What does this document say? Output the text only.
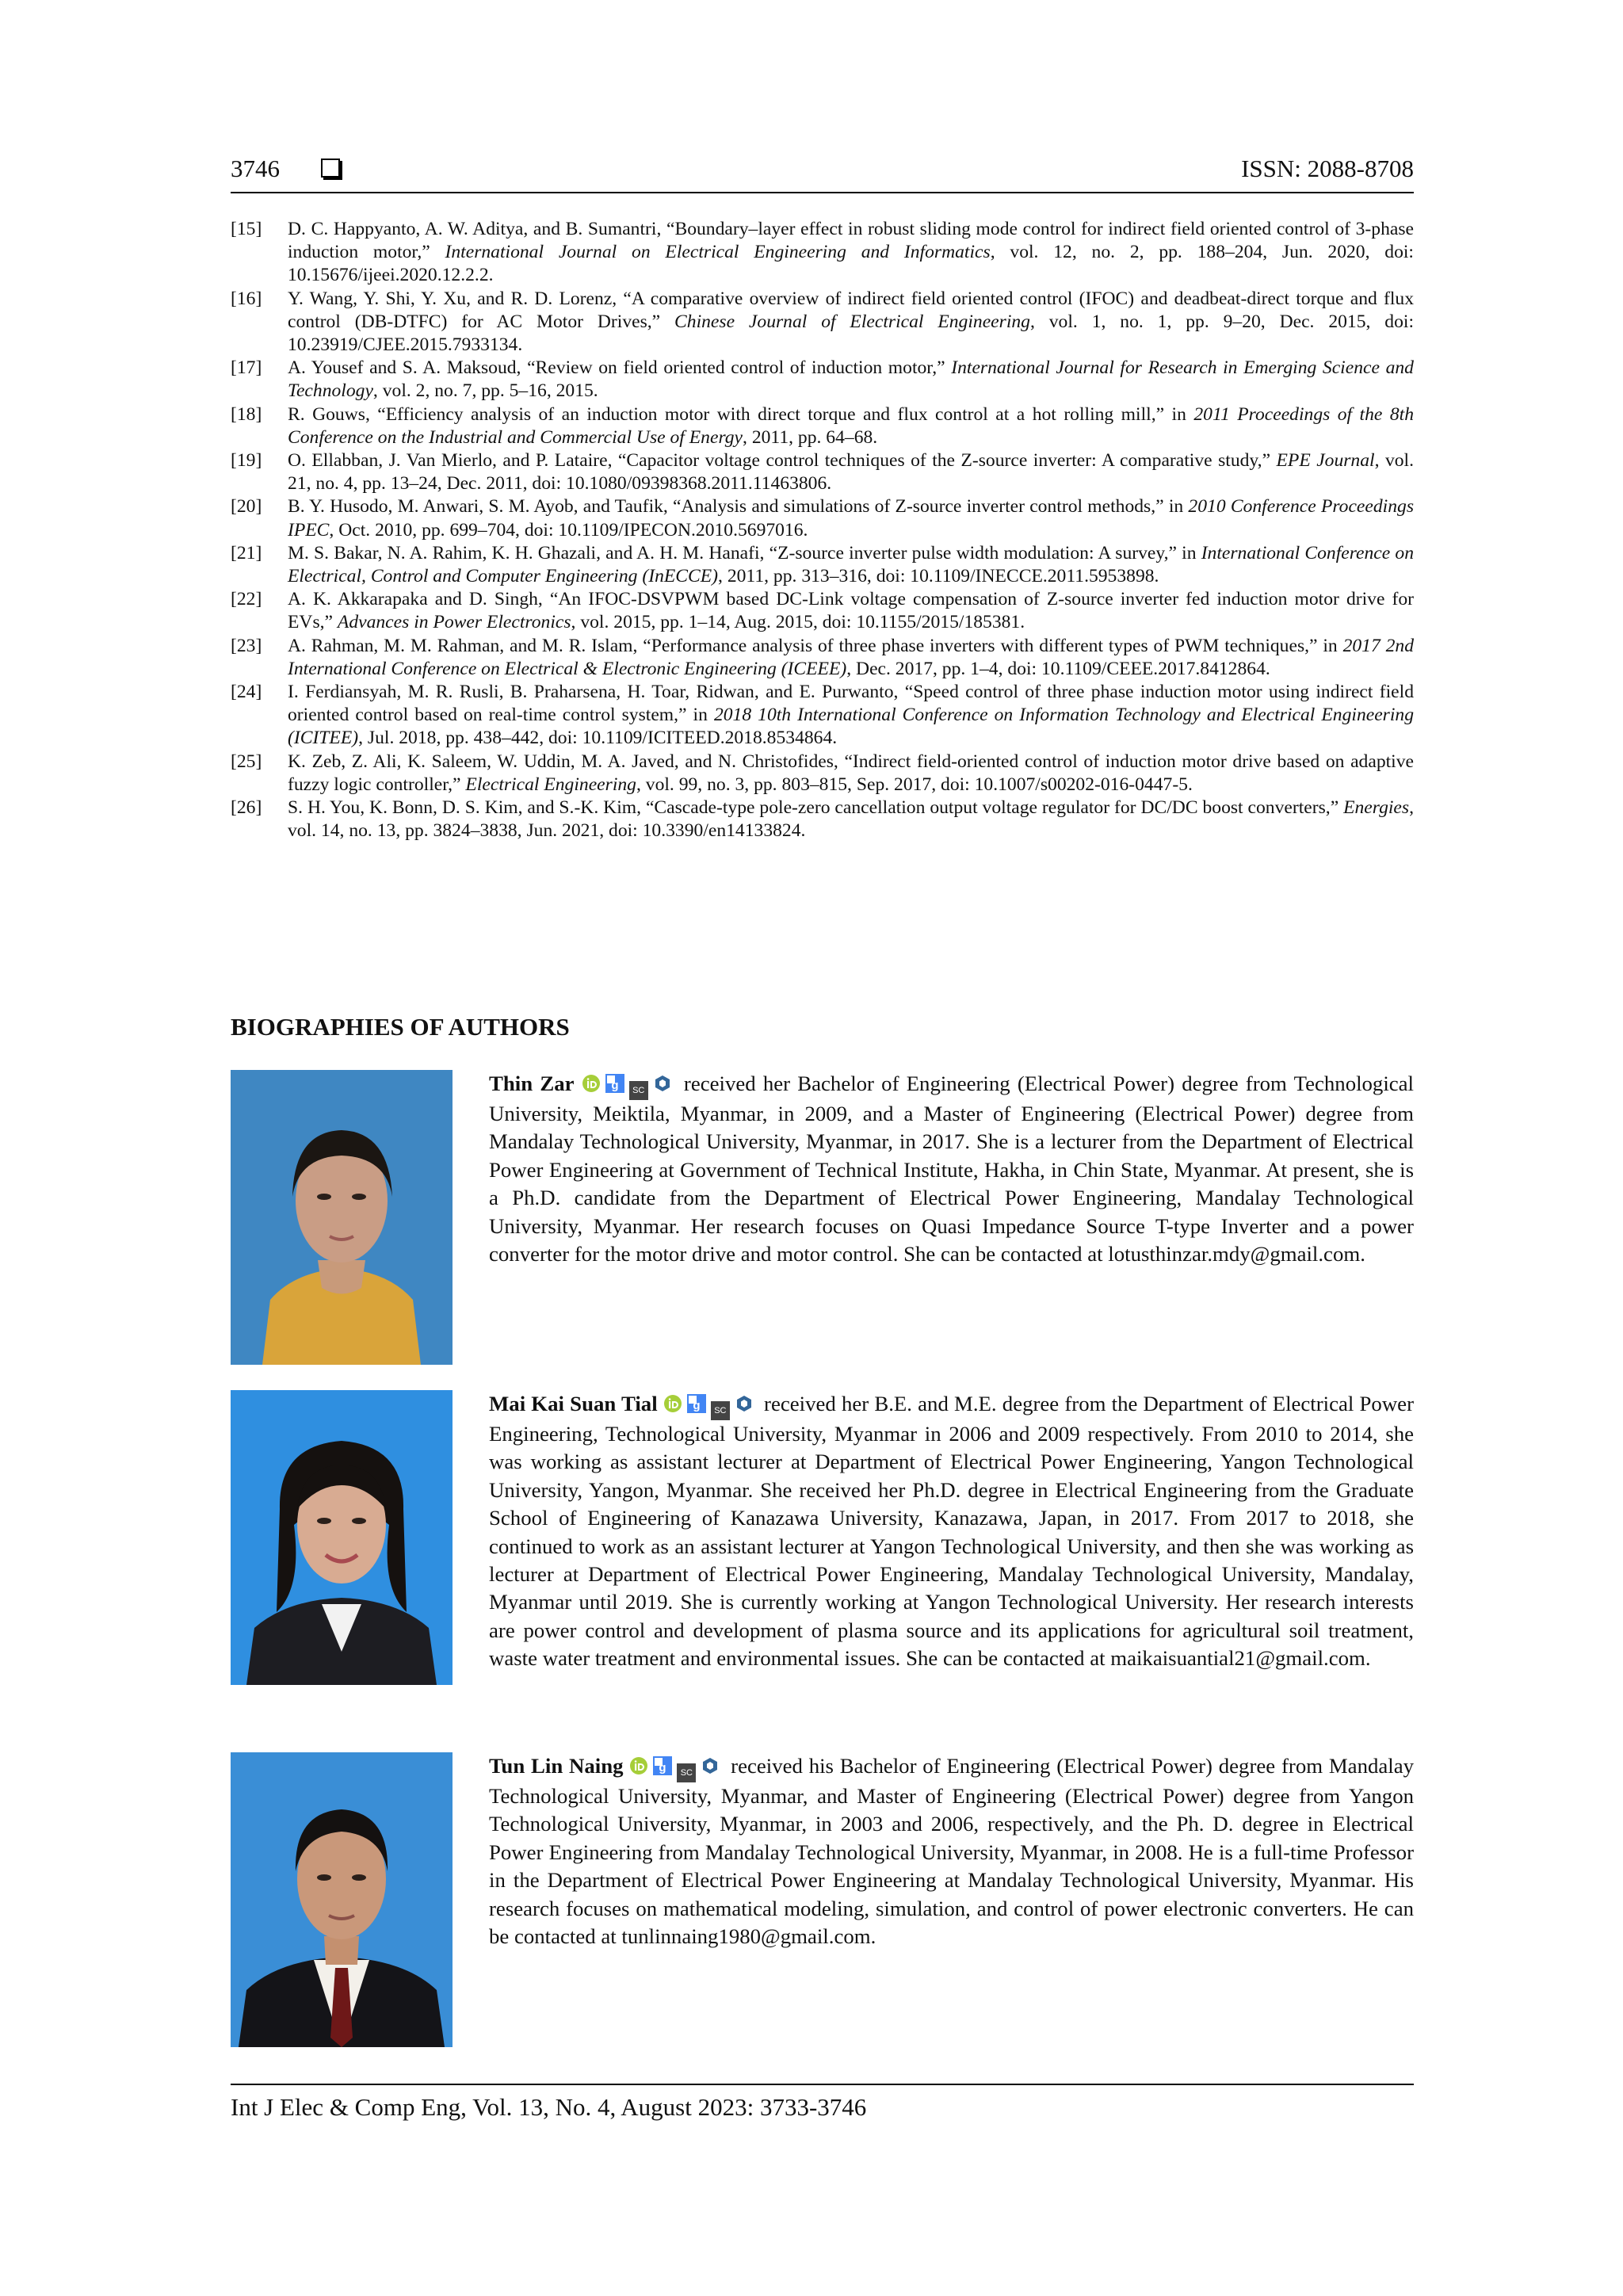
3746	ISSN: 2088-8708
[15] D. C. Happyanto, A. W. Aditya, and B. Sumantri, “Boundary–layer effect in robust sliding mode control for indirect field oriented control of 3-phase induction motor,” International Journal on Electrical Engineering and Informatics, vol. 12, no. 2, pp. 188–204, Jun. 2020, doi: 10.15676/ijeei.2020.12.2.2.
[16] Y. Wang, Y. Shi, Y. Xu, and R. D. Lorenz, “A comparative overview of indirect field oriented control (IFOC) and deadbeat-direct torque and flux control (DB-DTFC) for AC Motor Drives,” Chinese Journal of Electrical Engineering, vol. 1, no. 1, pp. 9–20, Dec. 2015, doi: 10.23919/CJEE.2015.7933134.
[17] A. Yousef and S. A. Maksoud, “Review on field oriented control of induction motor,” International Journal for Research in Emerging Science and Technology, vol. 2, no. 7, pp. 5–16, 2015.
[18] R. Gouws, “Efficiency analysis of an induction motor with direct torque and flux control at a hot rolling mill,” in 2011 Proceedings of the 8th Conference on the Industrial and Commercial Use of Energy, 2011, pp. 64–68.
[19] O. Ellabban, J. Van Mierlo, and P. Lataire, “Capacitor voltage control techniques of the Z-source inverter: A comparative study,” EPE Journal, vol. 21, no. 4, pp. 13–24, Dec. 2011, doi: 10.1080/09398368.2011.11463806.
[20] B. Y. Husodo, M. Anwari, S. M. Ayob, and Taufik, “Analysis and simulations of Z-source inverter control methods,” in 2010 Conference Proceedings IPEC, Oct. 2010, pp. 699–704, doi: 10.1109/IPECON.2010.5697016.
[21] M. S. Bakar, N. A. Rahim, K. H. Ghazali, and A. H. M. Hanafi, “Z-source inverter pulse width modulation: A survey,” in International Conference on Electrical, Control and Computer Engineering (InECCE), 2011, pp. 313–316, doi: 10.1109/INECCE.2011.5953898.
[22] A. K. Akkarapaka and D. Singh, “An IFOC-DSVPWM based DC-Link voltage compensation of Z-source inverter fed induction motor drive for EVs,” Advances in Power Electronics, vol. 2015, pp. 1–14, Aug. 2015, doi: 10.1155/2015/185381.
[23] A. Rahman, M. M. Rahman, and M. R. Islam, “Performance analysis of three phase inverters with different types of PWM techniques,” in 2017 2nd International Conference on Electrical & Electronic Engineering (ICEEE), Dec. 2017, pp. 1–4, doi: 10.1109/CEEE.2017.8412864.
[24] I. Ferdiansyah, M. R. Rusli, B. Praharsena, H. Toar, Ridwan, and E. Purwanto, “Speed control of three phase induction motor using indirect field oriented control based on real-time control system,” in 2018 10th International Conference on Information Technology and Electrical Engineering (ICITEE), Jul. 2018, pp. 438–442, doi: 10.1109/ICITEED.2018.8534864.
[25] K. Zeb, Z. Ali, K. Saleem, W. Uddin, M. A. Javed, and N. Christofides, “Indirect field-oriented control of induction motor drive based on adaptive fuzzy logic controller,” Electrical Engineering, vol. 99, no. 3, pp. 803–815, Sep. 2017, doi: 10.1007/s00202-016-0447-5.
[26] S. H. You, K. Bonn, D. S. Kim, and S.-K. Kim, “Cascade-type pole-zero cancellation output voltage regulator for DC/DC boost converters,” Energies, vol. 14, no. 13, pp. 3824–3838, Jun. 2021, doi: 10.3390/en14133824.
BIOGRAPHIES OF AUTHORS
Thin Zar	g SC received her Bachelor of Engineering (Electrical Power) degree from Technological University, Meiktila, Myanmar, in 2009, and a Master of Engineering (Electrical Power) degree from Mandalay Technological University, Myanmar, in 2017. She is a lecturer from the Department of Electrical Power Engineering at Government of Technical Institute, Hakha, in Chin State, Myanmar. At present, she is a Ph.D. candidate from the Department of Electrical Power Engineering, Mandalay Technological University, Myanmar. Her research focuses on Quasi Impedance Source T-type Inverter and a power converter for the motor drive and motor control. She can be contacted at lotusthinzar.mdy@gmail.com.
Mai Kai Suan Tial	g SC received her B.E. and M.E. degree from the Department of Electrical Power Engineering, Technological University, Myanmar in 2006 and 2009 respectively. From 2010 to 2014, she was working as assistant lecturer at Department of Electrical Power Engineering, Yangon Technological University, Yangon, Myanmar. She received her Ph.D. degree in Electrical Engineering from the Graduate School of Engineering of Kanazawa University, Kanazawa, Japan, in 2017. From 2017 to 2018, she continued to work as an assistant lecturer at Yangon Technological University, and then she was working as lecturer at Department of Electrical Power Engineering, Mandalay Technological University, Mandalay, Myanmar until 2019. She is currently working at Yangon Technological University. Her research interests are power control and development of plasma source and its applications for agricultural soil treatment, waste water treatment and environmental issues. She can be contacted at maikaisuantial21@gmail.com.
Tun Lin Naing	g SC received his Bachelor of Engineering (Electrical Power) degree from Mandalay Technological University, Myanmar, and Master of Engineering (Electrical Power) degree from Yangon Technological University, Myanmar, in 2003 and 2006, respectively, and the Ph. D. degree in Electrical Power Engineering from Mandalay Technological University, Myanmar, in 2008. He is a full-time Professor in the Department of Electrical Power Engineering at Mandalay Technological University, Myanmar. His research focuses on mathematical modeling, simulation, and control of power electronic converters. He can be contacted at tunlinnaing1980@gmail.com.
Int J Elec & Comp Eng, Vol. 13, No. 4, August 2023: 3733-3746
